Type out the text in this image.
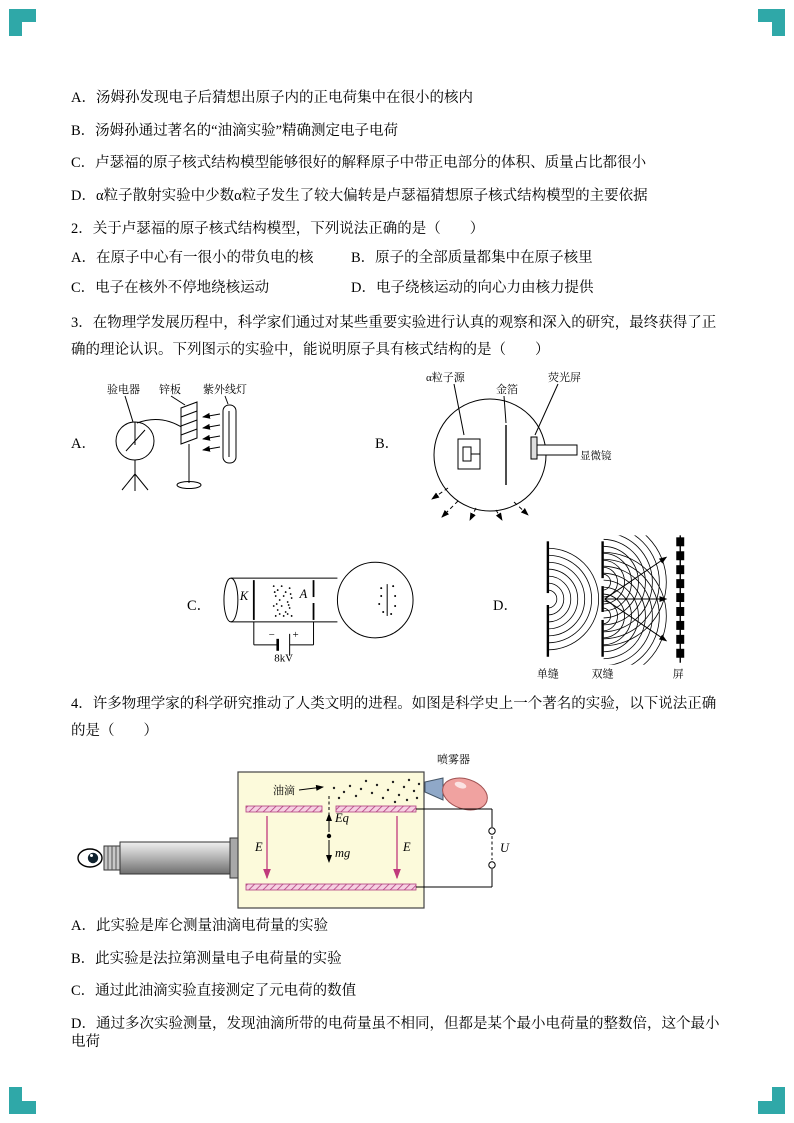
A．汤姆孙发现电子后猜想出原子内的正电荷集中在很小的核内
B．汤姆孙通过著名的“油滴实验”精确测定电子电荷
C．卢瑟福的原子核式结构模型能够很好的解释原子中带正电部分的体积、质量占比都很小
D．α粒子散射实验中少数α粒子发生了较大偏转是卢瑟福猜想原子核式结构模型的主要依据
2．关于卢瑟福的原子核式结构模型，下列说法正确的是（　　）
A．在原子中心有一很小的带负电的核	B．原子的全部质量都集中在原子核里
C．电子在核外不停地绕核运动	D．电子绕核运动的向心力由核力提供
3．在物理学发展历程中，科学家们通过对某些重要实验进行认真的观察和深入的研究，最终获得了正确的理论认识。下列图示的实验中，能说明原子具有核式结构的是（　　）
A．
验电器 锌板 紫外线灯
B．
α粒子源
金箔
荧光屏
显微镜
C．
K	A
− +
8kV
D．
单缝	双缝	屏
4．许多物理学家的科学研究推动了人类文明的进程。如图是科学史上一个著名的实验，以下说法正确的是（　　）
喷雾器
油滴
Eq
mg
E	E	U
A．此实验是库仑测量油滴电荷量的实验
B．此实验是法拉第测量电子电荷量的实验
C．通过此油滴实验直接测定了元电荷的数值
D．通过多次实验测量，发现油滴所带的电荷量虽不相同，但都是某个最小电荷量的整数倍，这个最小电荷
